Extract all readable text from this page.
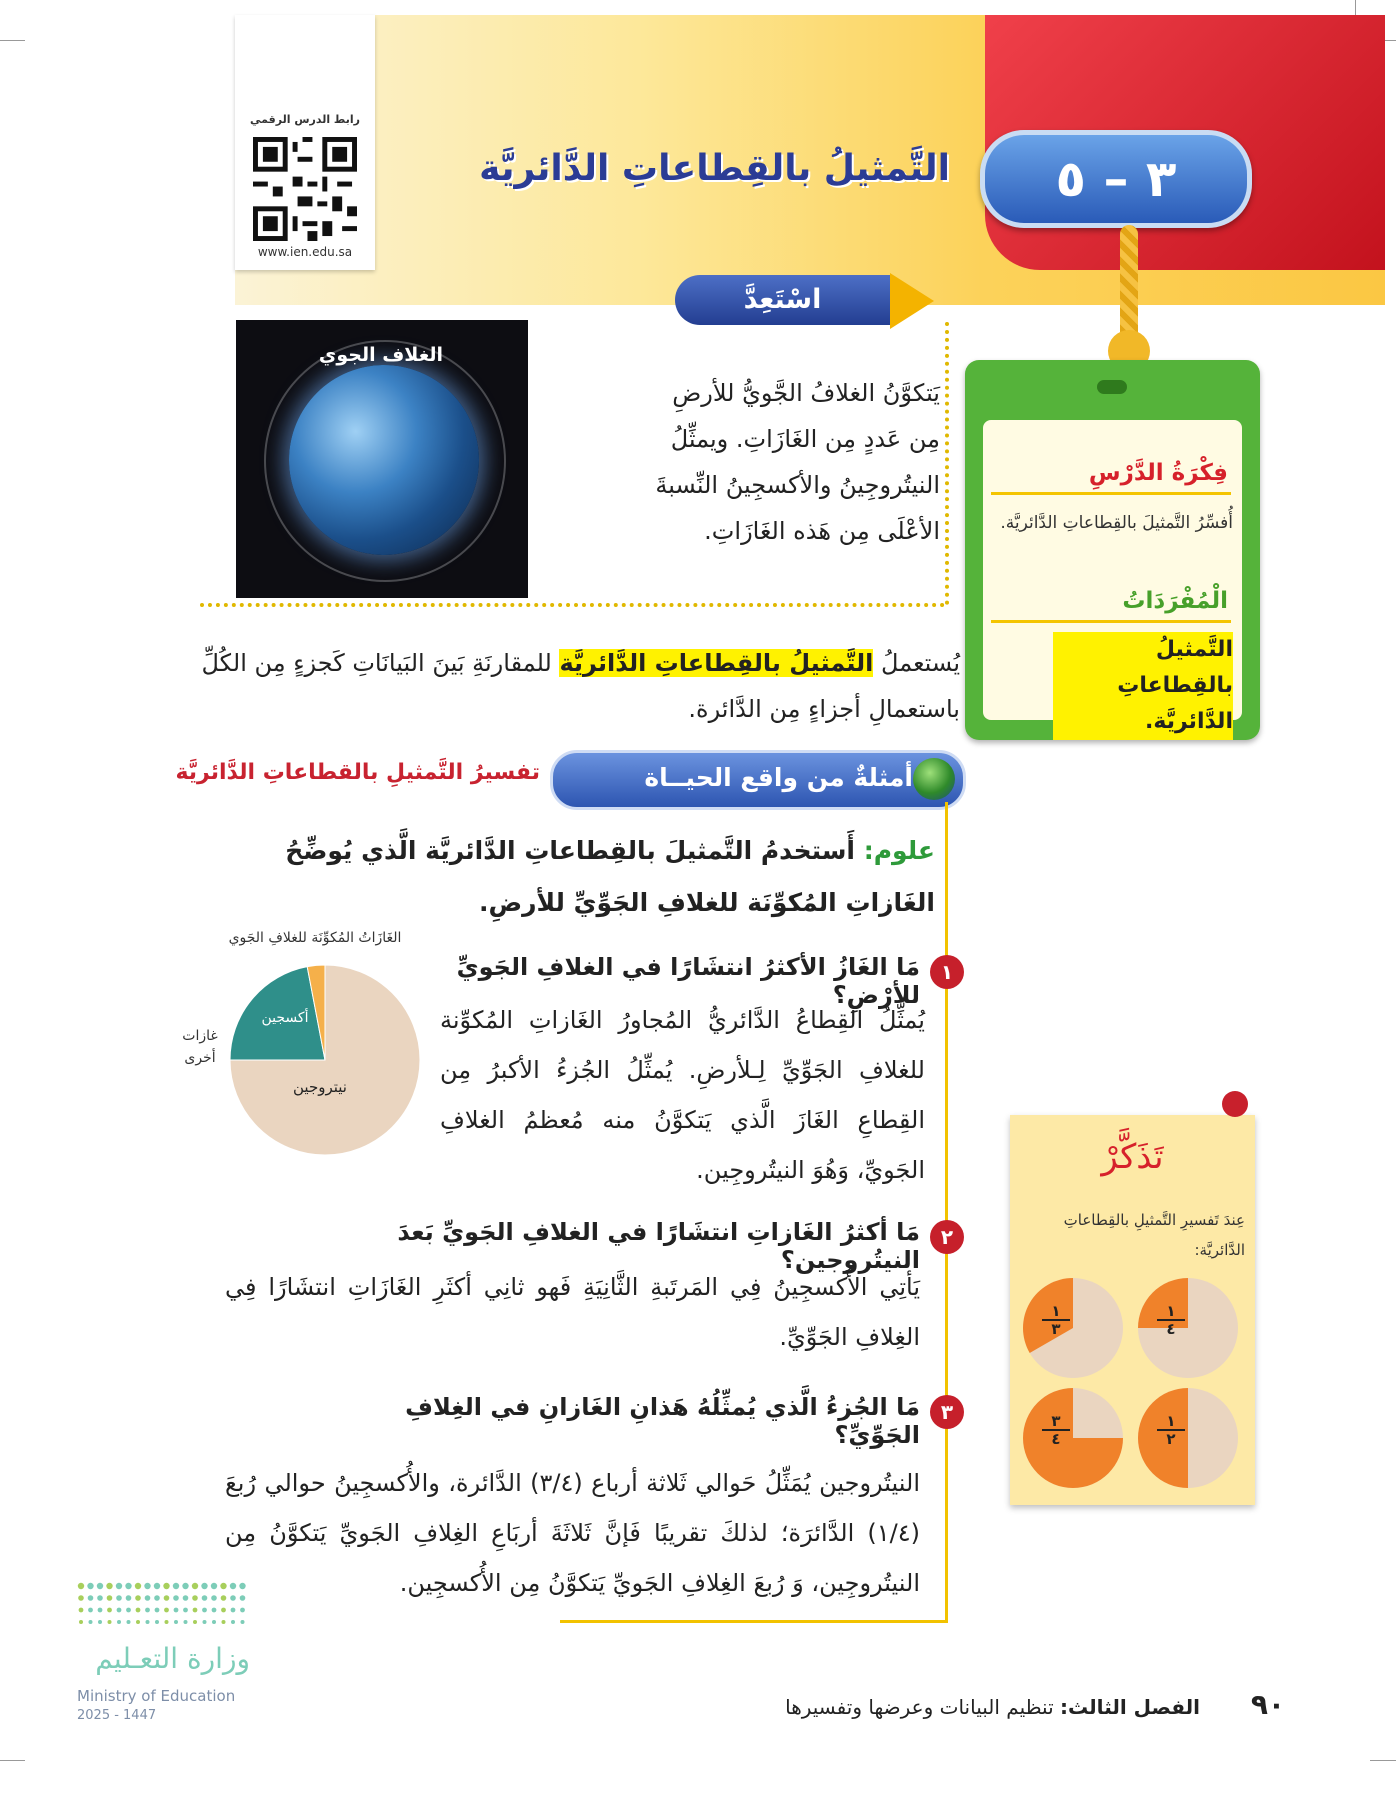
رابط الدرس الرقمي
www.ien.edu.sa
٣ – ٥
التَّمثيلُ بالقِطاعاتِ الدَّائريَّة
اسْتَعِدَّ
الغلاف الجوي
يَتكوَّنُ الغلافُ الجَّويُّ للأرضِ مِن عَددٍ مِن الغَازَاتِ. ويمثِّلُ النيتُروجِينُ والأكسجِينُ النِّسبةَ الأعْلَى مِن هَذه الغَازَاتِ.
فِكْرَةُ الدَّرْسِ
أُفسِّرُ التَّمثيلَ بالقِطاعاتِ الدَّائريَّة.
الْمُفْرَدَاتُ
التَّمثيلُ بالقِطاعاتِ الدَّائريَّة.
يُستعملُ التَّمثيلُ بالقِطاعاتِ الدَّائريَّة للمقارنَةِ بَينَ البَيانَاتِ كَجزءٍ مِن الكُلِّ باستعمالِ أجزاءٍ مِن الدَّائرة.
أمثلةٌ من واقع الحيــاة
تفسيرُ التَّمثيلِ بالقطاعاتِ الدَّائريَّة
علوم: أَستخدمُ التَّمثيلَ بالقِطاعاتِ الدَّائريَّة الَّذي يُوضِّحُ الغَازاتِ المُكوِّنَة للغلافِ الجَوِّيِّ للأرضِ.
١
مَا الغَازُ الأكثرُ انتشَارًا في الغلافِ الجَويِّ للأرْضِ؟
يُمثِّلُ القِطاعُ الدَّائريُّ المُجاورُ الغَازاتِ المُكوِّنة للغلافِ الجَوِّيِّ لِـلأرضِ. يُمثِّلُ الجُزءُ الأكبرُ مِن القِطاعِ الغَازَ الَّذي يَتكوَّنُ منه مُعظمُ الغلافِ الجَويِّ، وَهُوَ النيتُروجِين.
الغَازَاتُ المُكوِّنَة للغلافِ الجَوي
نيتروجين
أكسجين
غازات أخرى
٢
مَا أكثرُ الغَازاتِ انتشَارًا في الغلافِ الجَويِّ بَعدَ النيتُروجين؟
يَأتِي الأُكسجِينُ فِي المَرتَبةِ الثَّانِيَةِ فَهو ثانِي أكثَرِ الغَازَاتِ انتشَارًا فِي الغِلافِ الجَوِّيِّ.
٣
مَا الجُزءُ الَّذي يُمثِّلُهُ هَذانِ الغَازانِ في الغِلافِ الجَوِّيِّ؟
النيتُروجين يُمَثِّلُ حَوالي ثَلاثة أرباع (٣/٤) الدَّائرة، والأُكسجِينُ حوالي رُبعَ (١/٤) الدَّائرَة؛ لذلكَ تقريبًا فَإنَّ ثَلاثَةَ أربَاعِ الغِلافِ الجَويِّ يَتكوَّنُ مِن النيتُروجِين، وَ رُبعَ الغِلافِ الجَويِّ يَتكوَّنُ مِن الأُكسجِين.
تَذَكَّرْ
عِندَ تَفسيرِ التَّمثيلِ بالقِطاعاتِ الدَّائريَّة:
١
٤
١
٣
١
٢
٣
٤
وزارة التعـليم
Ministry of Education
2025 - 1447	الفصل الثالث: تنظيم البيانات وعرضها وتفسيرها	٩٠
